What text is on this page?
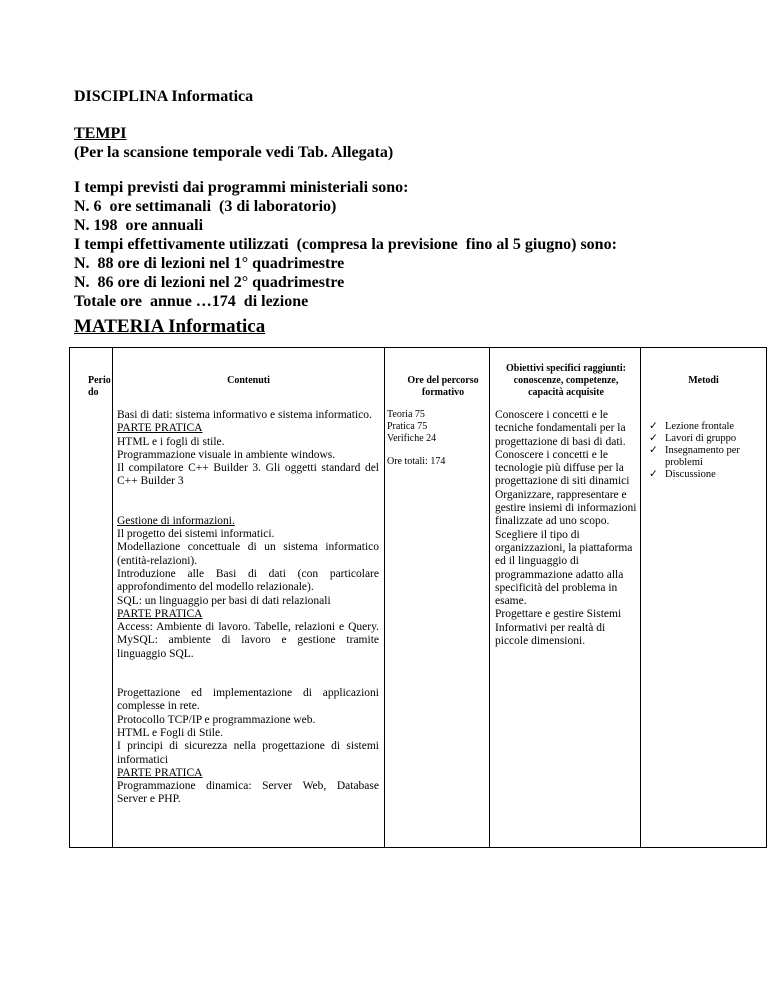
DISCIPLINA Informatica
TEMPI
(Per la scansione temporale vedi Tab. Allegata)
I tempi previsti dai programmi ministeriali sono:
N. 6  ore settimanali  (3 di laboratorio)
N. 198  ore annuali
I tempi effettivamente utilizzati  (compresa la previsione  fino al 5 giugno) sono:
N.  88 ore di lezioni nel 1° quadrimestre
N.  86 ore di lezioni nel 2° quadrimestre
Totale ore  annue …174  di lezione
MATERIA Informatica
Perio do
Contenuti	Ore del percorso formativo
Obiettivi specifici raggiunti: conoscenze, competenze, capacità acquisite
Metodi
Basi di dati: sistema informativo e sistema informatico.
PARTE PRATICA
HTML e i fogli di stile.
Programmazione visuale in ambiente windows.
Il compilatore C++ Builder 3. Gli oggetti standard del C++ Builder 3
Gestione di informazioni.
Il progetto dei sistemi informatici.
Modellazione concettuale di un sistema informatico (entità-relazioni).
Introduzione alle Basi di dati (con particolare approfondimento del modello relazionale).
SQL: un linguaggio per basi di dati relazionali
PARTE PRATICA
Access: Ambiente di lavoro. Tabelle, relazioni e Query. MySQL: ambiente di lavoro e gestione tramite linguaggio SQL.
Progettazione ed implementazione di applicazioni complesse in rete.
Protocollo TCP/IP e programmazione web.
HTML e Fogli di Stile.
I principi di sicurezza nella progettazione di sistemi informatici
PARTE PRATICA
Programmazione dinamica: Server Web, Database Server e PHP.
Teoria 75
Pratica 75
Verifiche 24
Ore totali: 174
Conoscere i concetti e le tecniche fondamentali per la progettazione di basi di dati.
Conoscere i concetti e le tecnologie più diffuse per la progettazione di siti dinamici
Organizzare, rappresentare e gestire insiemi di informazioni finalizzate ad uno scopo. Scegliere il tipo di organizzazioni, la piattaforma ed il linguaggio di programmazione adatto alla specificità del problema in esame.
Progettare e gestire Sistemi Informativi per realtà di piccole dimensioni.
✓ Lezione frontale
✓ Lavori di gruppo
✓ Insegnamento per problemi
✓ Discussione
